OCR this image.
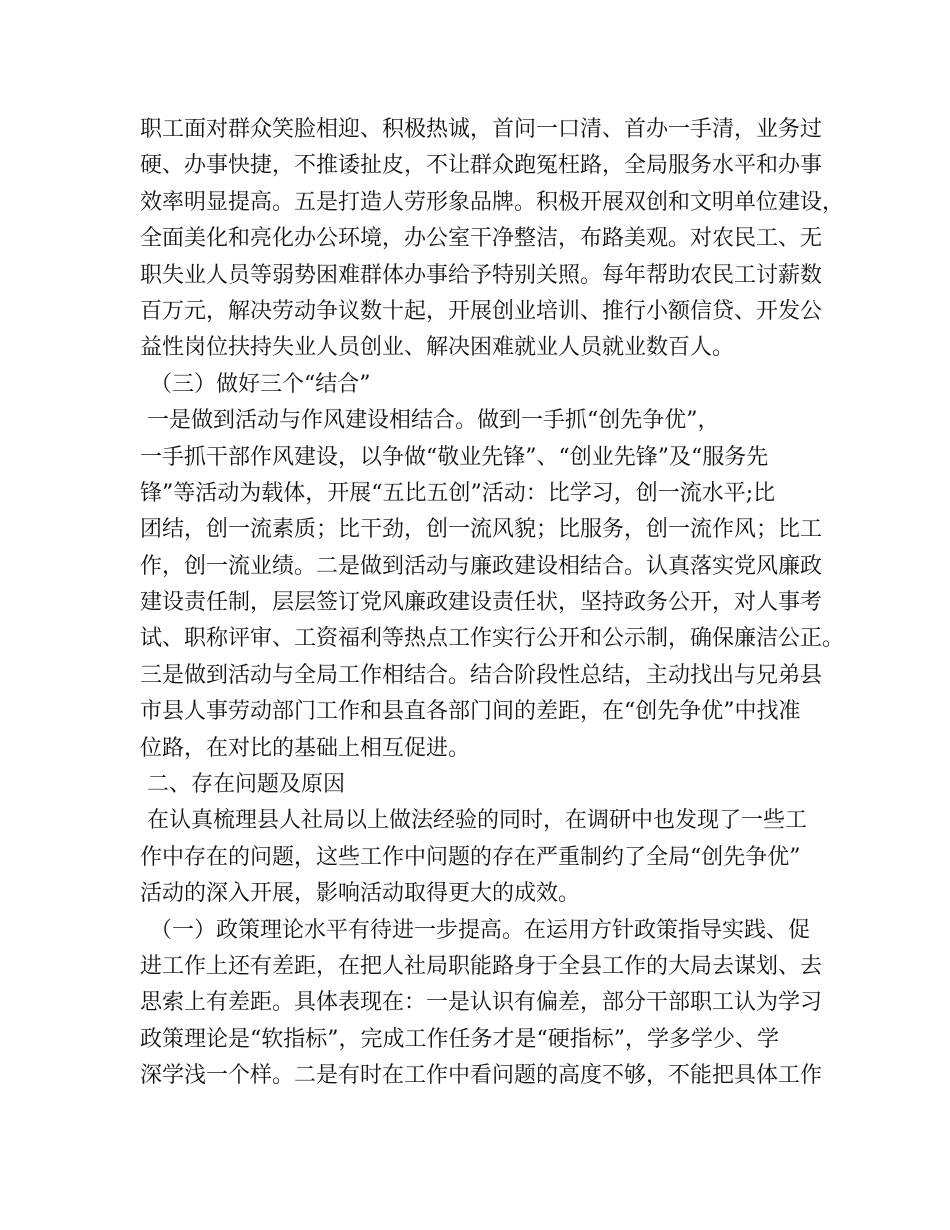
职工面对群众笑脸相迎、积极热诚，首问一口清、首办一手清，业务过
硬、办事快捷，不推诿扯皮，不让群众跑冤枉路，全局服务水平和办事
效率明显提高。五是打造人劳形象品牌。积极开展双创和文明单位建设，
全面美化和亮化办公环境，办公室干净整洁，布路美观。对农民工、无
职失业人员等弱势困难群体办事给予特别关照。每年帮助农民工讨薪数
百万元，解决劳动争议数十起，开展创业培训、推行小额信贷、开发公
益性岗位扶持失业人员创业、解决困难就业人员就业数百人。
（三）做好三个“结合”
一是做到活动与作风建设相结合。做到一手抓“创先争优”，
一手抓干部作风建设，以争做“敬业先锋”、“创业先锋”及“服务先
锋”等活动为载体，开展“五比五创”活动：比学习，创一流水平;比
团结，创一流素质；比干劲，创一流风貌；比服务，创一流作风；比工
作，创一流业绩。二是做到活动与廉政建设相结合。认真落实党风廉政
建设责任制，层层签订党风廉政建设责任状，坚持政务公开，对人事考
试、职称评审、工资福利等热点工作实行公开和公示制，确保廉洁公正。
三是做到活动与全局工作相结合。结合阶段性总结，主动找出与兄弟县
市县人事劳动部门工作和县直各部门间的差距，在“创先争优”中找准
位路，在对比的基础上相互促进。
二、存在问题及原因
在认真梳理县人社局以上做法经验的同时，在调研中也发现了一些工
作中存在的问题，这些工作中问题的存在严重制约了全局“创先争优”
活动的深入开展，影响活动取得更大的成效。
（一）政策理论水平有待进一步提高。在运用方针政策指导实践、促
进工作上还有差距，在把人社局职能路身于全县工作的大局去谋划、去
思索上有差距。具体表现在：一是认识有偏差，部分干部职工认为学习
政策理论是“软指标”，完成工作任务才是“硬指标”，学多学少、学
深学浅一个样。二是有时在工作中看问题的高度不够，不能把具体工作
